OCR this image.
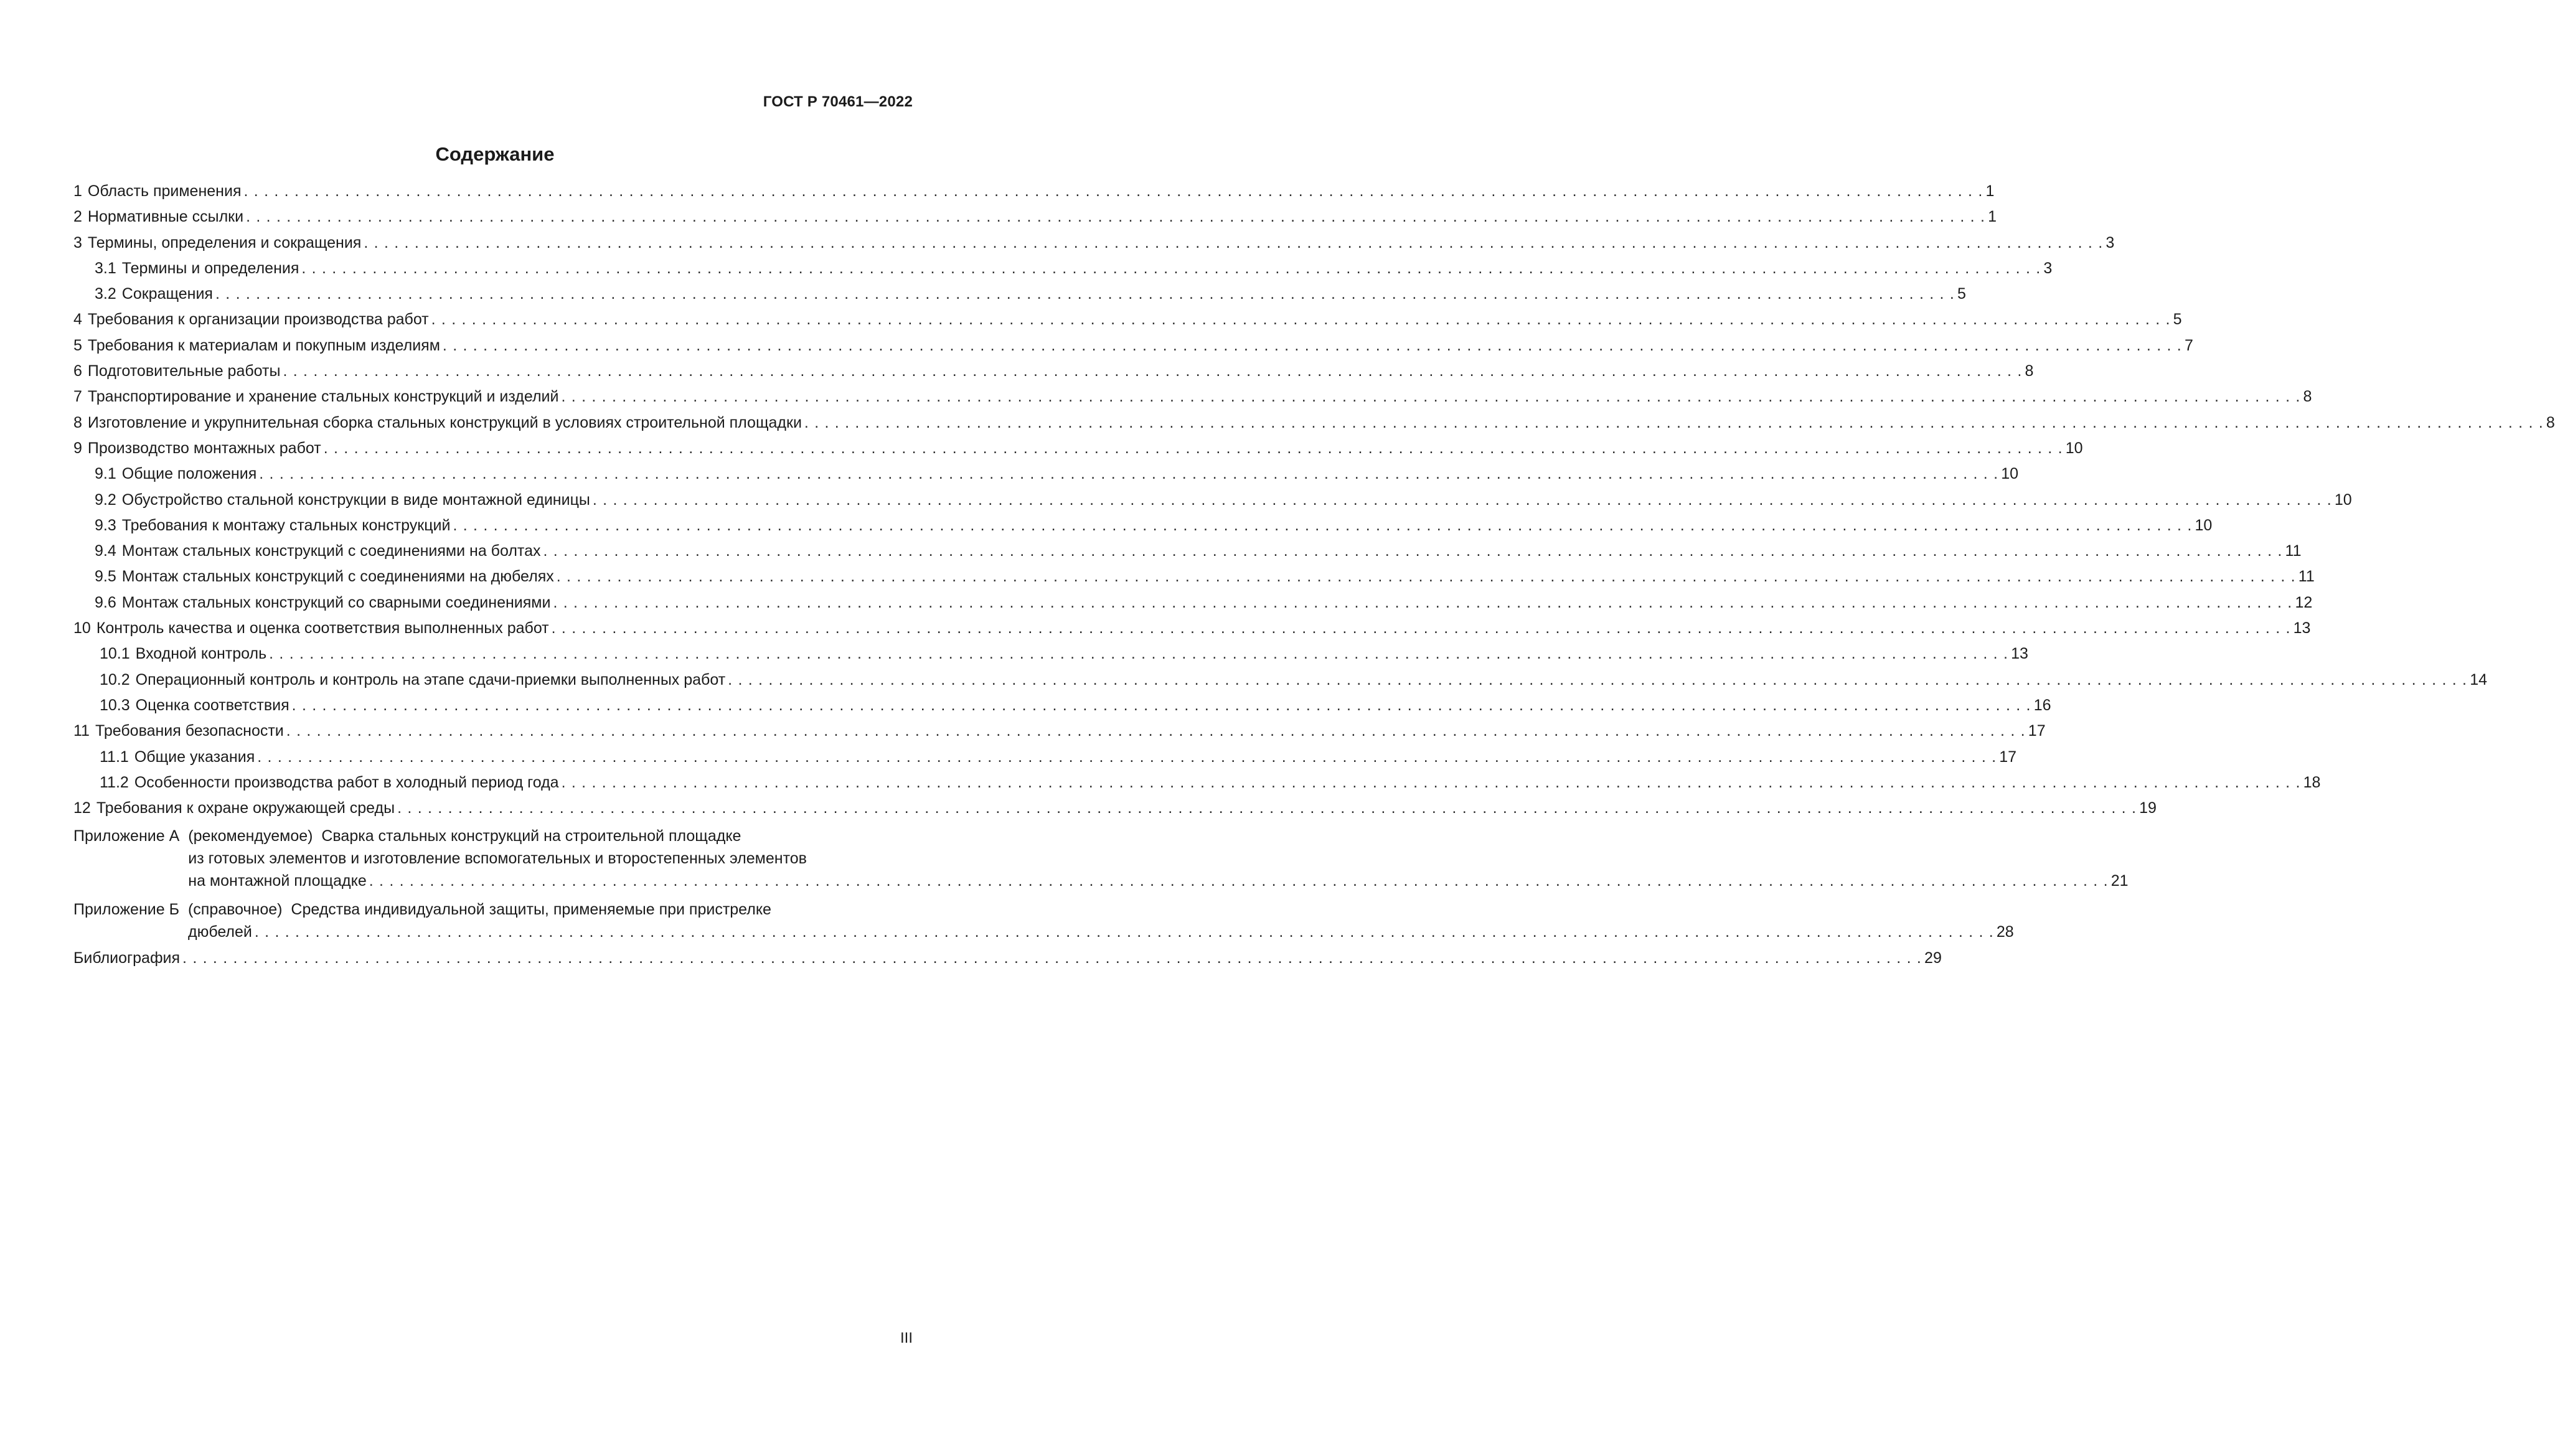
ГОСТ Р 70461—2022
Содержание
1 Область применения . . .	1
2 Нормативные ссылки . . .	1
3 Термины, определения и сокращения . . .	3
3.1 Термины и определения . . .	3
3.2 Сокращения . . .	5
4 Требования к организации производства работ . . .	5
5 Требования к материалам и покупным изделиям . . .	7
6 Подготовительные работы . . .	8
7 Транспортирование и хранение стальных конструкций и изделий . . .	8
8 Изготовление и укрупнительная сборка стальных конструкций в условиях строительной площадки . . .	8
9 Производство монтажных работ . . .	10
9.1 Общие положения . . .	10
9.2 Обустройство стальной конструкции в виде монтажной единицы . . .	10
9.3 Требования к монтажу стальных конструкций . . .	10
9.4 Монтаж стальных конструкций с соединениями на болтах . . .	11
9.5 Монтаж стальных конструкций с соединениями на дюбелях . . .	11
9.6 Монтаж стальных конструкций со сварными соединениями . . .	12
10 Контроль качества и оценка соответствия выполненных работ . . .	13
10.1 Входной контроль . . .	13
10.2 Операционный контроль и контроль на этапе сдачи-приемки выполненных работ . . .	14
10.3 Оценка соответствия . . .	16
11 Требования безопасности . . .	17
11.1 Общие указания . . .	17
11.2 Особенности производства работ в холодный период года . . .	18
12 Требования к охране окружающей среды . . .	19
Приложение А (рекомендуемое) Сварка стальных конструкций на строительной площадке
из готовых элементов и изготовление вспомогательных и второстепенных элементов
на монтажной площадке . . .	21
Приложение Б (справочное) Средства индивидуальной защиты, применяемые при пристрелке
дюбелей . . .	28
Библиография . . .	29
III
